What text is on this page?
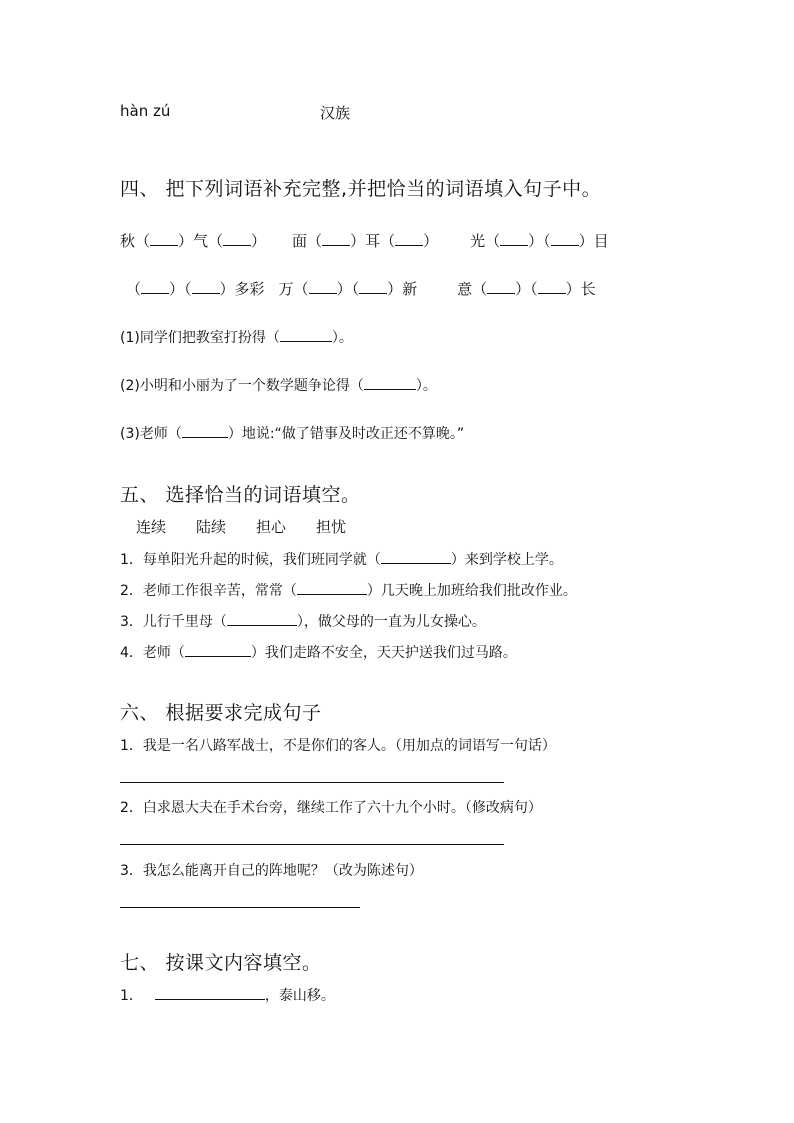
hàn zú	汉族
四、 把下列词语补充完整,并把恰当的词语填入句子中。
秋（ ）气（ ） 面（ ）耳（ ） 光（ ）（ ）目
（ ）（ ）多彩 万（ ）（ ）新	意（ ）（ ）长
(1)同学们把教室打扮得（	）。
(2)小明和小丽为了一个数学题争论得（	）。
(3)老师（	）地说:“做了错事及时改正还不算晚。”
五、 选择恰当的词语填空。
连续 陆续 担心 担忧
1．每单阳光升起的时候，我们班同学就（	）来到学校上学。
2．老师工作很辛苦，常常（	）几天晚上加班给我们批改作业。
3．儿行千里母（	），做父母的一直为儿女操心。
4．老师（	）我们走路不安全，天天护送我们过马路。
六、 根据要求完成句子
1．我是一名八路军战士，不是你们的客人。（用加点的词语写一句话）
2．白求恩大夫在手术台旁，继续工作了六十九个小时。（修改病句）
3．我怎么能离开自己的阵地呢？（改为陈述句）
七、 按课文内容填空。
1．	，泰山移。
